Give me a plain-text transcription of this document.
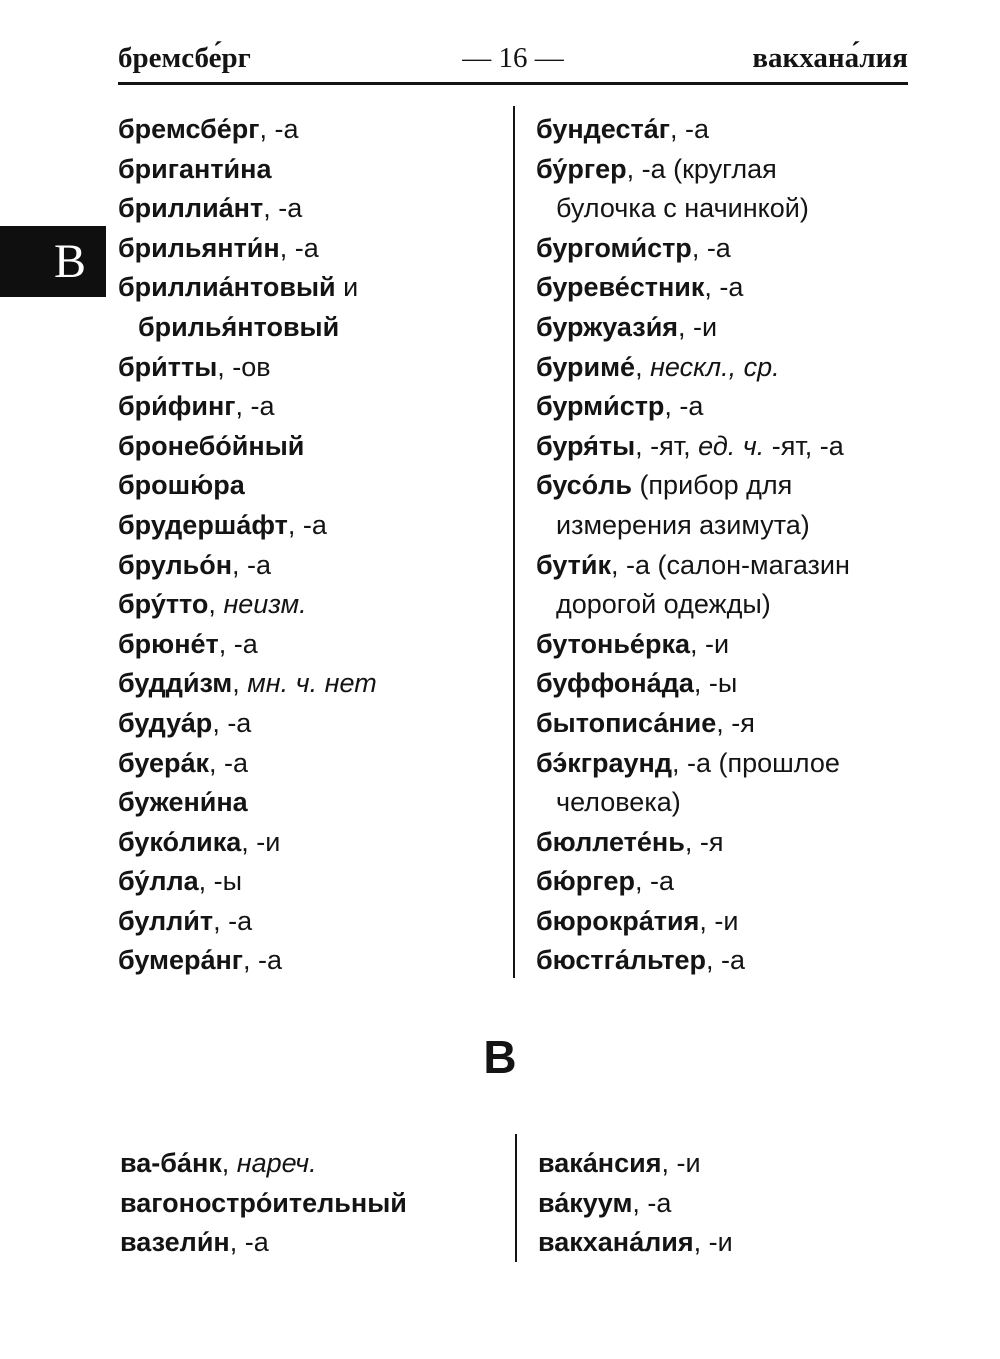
бремсбе́рг	— 16 —	вакхана́лия
В
бремсбе́рг, -а
бриганти́на
бриллиа́нт, -а
брильянти́н, -а
бриллиа́нтовый и
брилья́нтовый
бри́тты, -ов
бри́финг, -а
бронебо́йный
брошю́ра
брудерша́фт, -а
брульо́н, -а
бру́тто, неизм.
брюне́т, -а
будди́зм, мн. ч. нет
будуа́р, -а
буера́к, -а
бужени́на
буко́лика, -и
бу́лла, -ы
булли́т, -а
бумера́нг, -а
бундеста́г, -а
бу́ргер, -а (круглая
булочка с начинкой)
бургоми́стр, -а
буреве́стник, -а
буржуази́я, -и
буриме́, нескл., ср.
бурми́стр, -а
буря́ты, -ят, ед. ч. -ят, -а
бусо́ль (прибор для
измерения азимута)
бути́к, -а (салон-магазин
дорогой одежды)
бутонье́рка, -и
буффона́да, -ы
бытописа́ние, -я
бэ́кграунд, -а (прошлое
человека)
бюллете́нь, -я
бю́ргер, -а
бюрокра́тия, -и
бюстга́льтер, -а
В
ва-ба́нк, нареч.
вагоностро́ительный
вазели́н, -а
вака́нсия, -и
ва́куум, -а
вакхана́лия, -и
